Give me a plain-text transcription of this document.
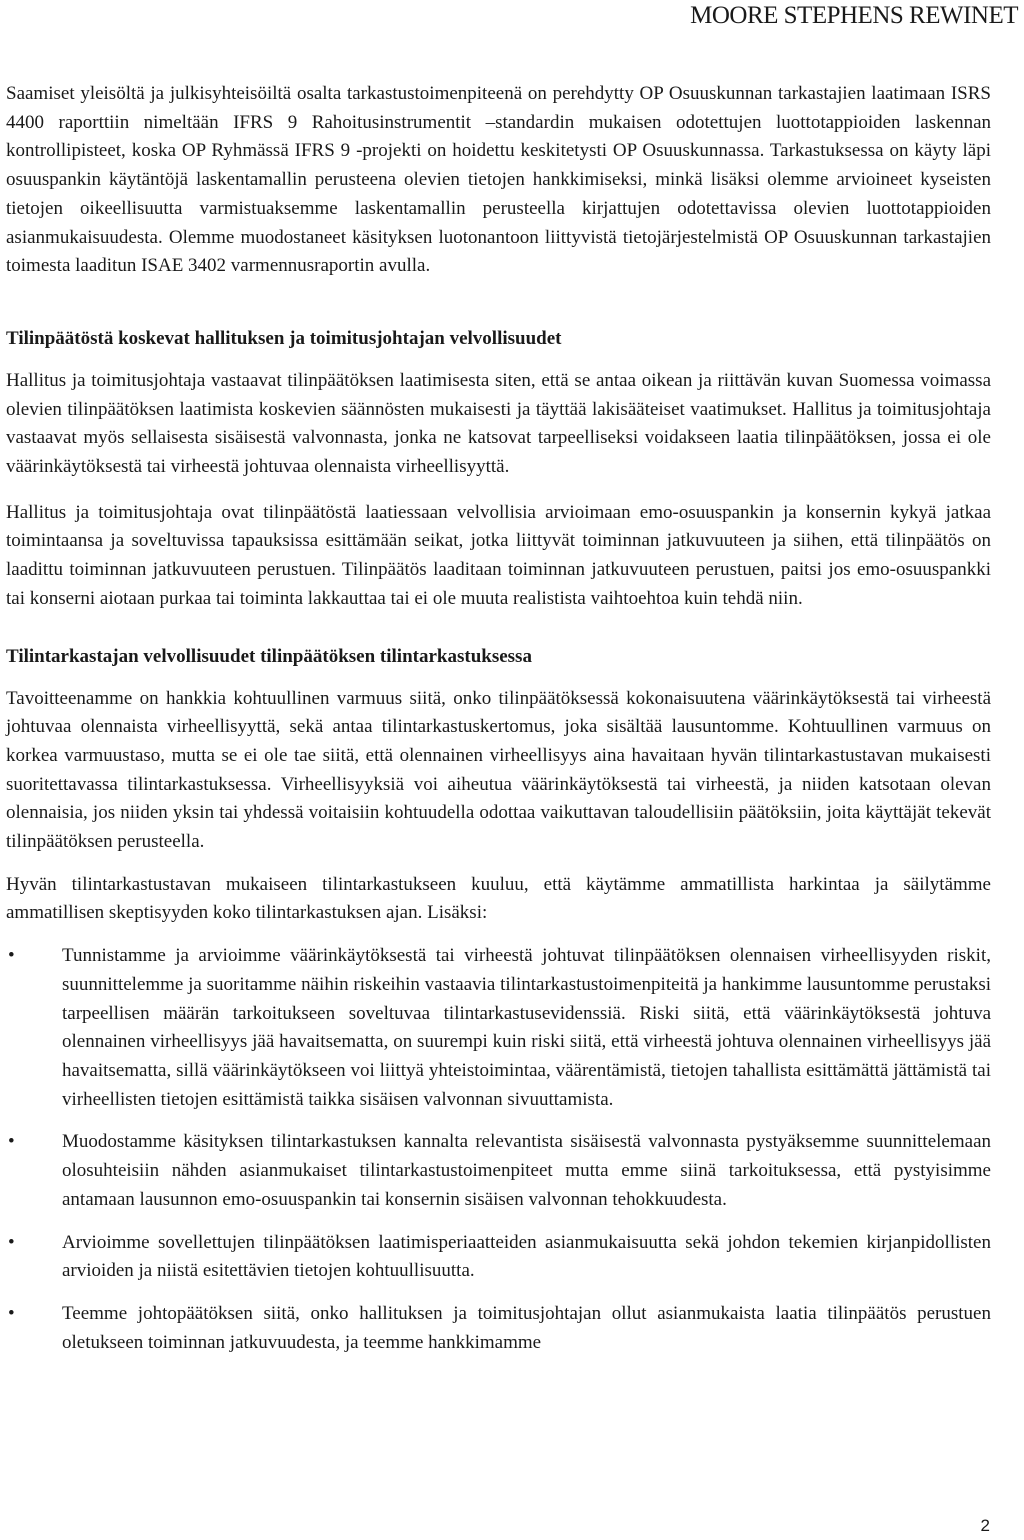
MOORE STEPHENS REWINET

Saamiset yleisöltä ja julkisyhteisöiltä osalta tarkastustoimenpiteenä on perehdytty OP Osuuskunnan tarkastajien laatimaan ISRS 4400 raporttiin nimeltään IFRS 9 Rahoitusinstrumentit –standardin mukaisen odotettujen luottotappioiden laskennan kontrollipisteet, koska OP Ryhmässä IFRS 9 -projekti on hoidettu keskitetysti OP Osuuskunnassa. Tarkastuksessa on käyty läpi osuuspankin käytäntöjä laskentamallin perusteena olevien tietojen hankkimiseksi, minkä lisäksi olemme arvioineet kyseisten tietojen oikeellisuutta varmistuaksemme laskentamallin perusteella kirjattujen odotettavissa olevien luottotappioiden asianmukaisuudesta. Olemme muodostaneet käsityksen luotonantoon liittyvistä tietojärjestelmistä OP Osuuskunnan tarkastajien toimesta laaditun ISAE 3402 varmennusraportin avulla.

Tilinpäätöstä koskevat hallituksen ja toimitusjohtajan velvollisuudet

Hallitus ja toimitusjohtaja vastaavat tilinpäätöksen laatimisesta siten, että se antaa oikean ja riittävän kuvan Suomessa voimassa olevien tilinpäätöksen laatimista koskevien säännösten mukaisesti ja täyttää lakisääteiset vaatimukset. Hallitus ja toimitusjohtaja vastaavat myös sellaisesta sisäisestä valvonnasta, jonka ne katsovat tarpeelliseksi voidakseen laatia tilinpäätöksen, jossa ei ole väärinkäytöksestä tai virheestä johtuvaa olennaista virheellisyyttä.

Hallitus ja toimitusjohtaja ovat tilinpäätöstä laatiessaan velvollisia arvioimaan emo-osuuspankin ja konsernin kykyä jatkaa toimintaansa ja soveltuvissa tapauksissa esittämään seikat, jotka liittyvät toiminnan jatkuvuuteen ja siihen, että tilinpäätös on laadittu toiminnan jatkuvuuteen perustuen. Tilinpäätös laaditaan toiminnan jatkuvuuteen perustuen, paitsi jos emo-osuuspankki tai konserni aiotaan purkaa tai toiminta lakkauttaa tai ei ole muuta realistista vaihtoehtoa kuin tehdä niin.

Tilintarkastajan velvollisuudet tilinpäätöksen tilintarkastuksessa

Tavoitteenamme on hankkia kohtuullinen varmuus siitä, onko tilinpäätöksessä kokonaisuutena väärinkäytöksestä tai virheestä johtuvaa olennaista virheellisyyttä, sekä antaa tilintarkastuskertomus, joka sisältää lausuntomme. Kohtuullinen varmuus on korkea varmuustaso, mutta se ei ole tae siitä, että olennainen virheellisyys aina havaitaan hyvän tilintarkastustavan mukaisesti suoritettavassa tilintarkastuksessa. Virheellisyyksiä voi aiheutua väärinkäytöksestä tai virheestä, ja niiden katsotaan olevan olennaisia, jos niiden yksin tai yhdessä voitaisiin kohtuudella odottaa vaikuttavan taloudellisiin päätöksiin, joita käyttäjät tekevät tilinpäätöksen perusteella.

Hyvän tilintarkastustavan mukaiseen tilintarkastukseen kuuluu, että käytämme ammatillista harkintaa ja säilytämme ammatillisen skeptisyyden koko tilintarkastuksen ajan. Lisäksi:

• Tunnistamme ja arvioimme väärinkäytöksestä tai virheestä johtuvat tilinpäätöksen olennaisen virheellisyyden riskit, suunnittelemme ja suoritamme näihin riskeihin vastaavia tilintarkastustoimenpiteitä ja hankimme lausuntomme perustaksi tarpeellisen määrän tarkoitukseen soveltuvaa tilintarkastusevidenssiä. Riski siitä, että väärinkäytöksestä johtuva olennainen virheellisyys jää havaitsematta, on suurempi kuin riski siitä, että virheestä johtuva olennainen virheellisyys jää havaitsematta, sillä väärinkäytökseen voi liittyä yhteistoimintaa, väärentämistä, tietojen tahallista esittämättä jättämistä tai virheellisten tietojen esittämistä taikka sisäisen valvonnan sivuuttamista.
• Muodostamme käsityksen tilintarkastuksen kannalta relevantista sisäisestä valvonnasta pystyäksemme suunnittelemaan olosuhteisiin nähden asianmukaiset tilintarkastustoimenpiteet mutta emme siinä tarkoituksessa, että pystyisimme antamaan lausunnon emo-osuuspankin tai konsernin sisäisen valvonnan tehokkuudesta.
• Arvioimme sovellettujen tilinpäätöksen laatimisperiaatteiden asianmukaisuutta sekä johdon tekemien kirjanpidollisten arvioiden ja niistä esitettävien tietojen kohtuullisuutta.
• Teemme johtopäätöksen siitä, onko hallituksen ja toimitusjohtajan ollut asianmukaista laatia tilinpäätös perustuen oletukseen toiminnan jatkuvuudesta, ja teemme hankkimamme
2
